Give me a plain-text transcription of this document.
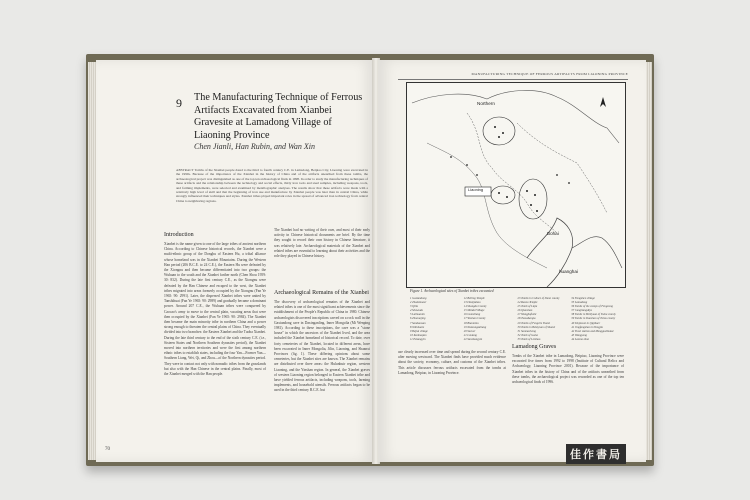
9 The Manufacturing Technique of Ferrous Artifacts Excavated from Xianbei Gravesite at Lamadong Village of Liaoning Province
Chen Jianli, Han Rubin, and Wan Xin
ABSTRACT Tombs of the Xianbei people dated to the third to fourth century C.E. in Lamadong, Beipiao City, Liaoning were excavated in the 1990s. Because of the importance of the Xianbei in the history of China and of the artifacts unearthed from these tombs, the archaeological project was distinguished as one of the top ten archaeological finds in 1998. In order to study the manufacturing techniques of these artifacts and the relationship between the technology and social effects, thirty iron tools and steel samples, including weapons, tools, and farming implements, were selected and examined by metallographic analyses. The results show that these artifacts were made with a relatively high level of skill and that the beginning of iron use and manufacture by Xianbei people was later than in central China, while strongly influenced their techniques and styles. Xianbei tribes played important roles in the spread of advanced iron technology from central China to neighboring regions.
Introduction
Xianbei is the name given to one of the large tribes of ancient northern China. According to Chinese historical records, the Xianbei were a multi-ethnic group of the Donghu of Eastern Hu, a tribal alliance whose homeland was in the Xianbei Mountains. During the Western Han period (206 B.C.E. to 24 C.E.), the Eastern Hu were defeated by the Xiongnu and then became differentiated into two groups: the Wuhuan to the south and the Xianbei farther north (Chen Shou 1959: 30: 832). During the late first century C.E., as the Xiongnu were defeated by the Han Chinese and escaped to the west, the Xianbei tribes migrated into areas formerly occupied by the Xiongnu (Fan Ye 1965: 90: 2991). Later, the dispersed Xianbei tribes were united by Tanshihuai (Fan Ye 1965: 90: 2989) and gradually became a dominant power. Around 207 C.E., the Wuhuan tribes were conquered by Caocao's army to move to the central plain, vacating areas that were then occupied by the Xianbei (Fan Ye 1965: 90: 2984). The Xianbei then became the main minority tribe in northern China and a power strong enough to threaten the central plains of China. They eventually divided into two branches: the Eastern Xianbei and the Tuoba Xianbei. During the late third century to the end of the sixth century C.E. (i.e., Sixteen States and Northern Southern dynasties period), the Xianbei moved into northern territories and were the first among northern ethnic tribes to establish states, including the four Yan—Former Yan—Southern Liang, Wei, Qi, and Zhou—of the Northern dynasties period. They were in contact not only with nomadic tribes from the grasslands but also with the Han Chinese in the central plains. Finally, most of the Xianbei merged with the Han people.
The Xianbei had no writing of their own, and most of their early activity in Chinese historical documents are brief. By the time they sought to record their own history in Chinese literature, it was relatively late. Archaeological materials of the Xianbei and related tribes are essential to learning about their activities and the role they played in Chinese history.
Archaeological Remains of the Xianbei
The discovery of archaeological remains of the Xianbei and related tribes is one of the most significant achievements since the establishment of the People's Republic of China in 1980. Chinese archaeologists discovered inscriptions carved on a rock wall in the Gaxiandong cave in Daxinganling, Inner Mongolia (Mi Wenping 1981). According to these inscriptions, the cave was a "stone house" in which the ancestors of the Xianbei lived, and the area included the Xianbei homeland of historical record. To date, over forty cemeteries of the Xianbei, located in different areas, have been excavated in Inner Mongolia, Jilin, Liaoning, and Shaanxi Provinces (fig. 1). These differing opinions about some cemeteries, but the Xianbei sites are known. The Xianbei remains are distributed over three areas: the Hulunbuir region, western Liaoning, and the Yinshan region. In general, the Xianbei graves of western Liaoning region belonged to Eastern Xianbei tribe and have yielded ferrous artifacts, including weapons, tools, farming implements, and household utensils. Ferrous artifacts began to be used in the third century B.C.E. but
70
MANUFACTURING TECHNIQUE OF FERROUS ARTIFACTS FROM LIAONING PROVINCE
Northern
Liaoning
Bohai
huanghai
Figure 1. Archaeological sites of Xianbei tribes excavated
1 Gaxiandong
2 Zhalainuoer
3 Qiliu
4 Shuwuda
5 Laihuanim
6 Zhunuojing
7 Sandaowan
8 Xilinhaote
9 Bujiai village
10 Kanbuqian
11 Pekangyin
12 Beiling Temple
13 Dianjiabao
14 Shangdu County
15 Meidai Village
16 Gumeilang
17 Wushan County
18 Bianminu
19 Nanzungzaliang
20 Sucuer
21 Luxiang
22 Sanzhangyin
23 Tombs in Culture of Dunn county
24 Ruoxu Temple
25 Tomb of Liqiu
26 Qianshan
27 Wangjiafuzhi
28 Tsusaikonpa
29 Tombs of Fengche Tianzi
30 Tombs in Beiziyuan of Shanxi
31 Sanmacheng
32 Tomb of Gaiso
33 Tomb of Leizhao
34 Fangzhen village
35 Lamadong
36 Tombs of the camps of Fengcang
37 Cangliangdiyu
38 Tombs in Beiliyuan of Tulou county
39 Tombs in Daoshan of Tulou county
40 Xinjiawei in Qigibaer
41 Jingfangzhan in Yongjia
42 Tiwei station and Mengguxibukai
43 Wangyang
44 Lanmo zhun
use clearly increased over time and spread during the second century C.E. after moving westward. The Xianbei finds have provided much evidence about the society, economy, culture, and customs of the Xianbei tribes. This article discusses ferrous artifacts excavated from the tombs at Lamadong, Beipiao, in Liaoning Province.
Lamadong Graves
Tombs of the Xianbei tribe in Lamadong, Beipiao, Liaoning Province were excavated five times from 1992 to 1998 (Institute of Cultural Relics and Archaeology, Liaoning Province 2001). Because of the importance of Xianbei tribes in the history of China and of the artifacts unearthed from these tombs, the archaeological project was rewarded as one of the top ten archaeological finds of 1996.
佳作書局
